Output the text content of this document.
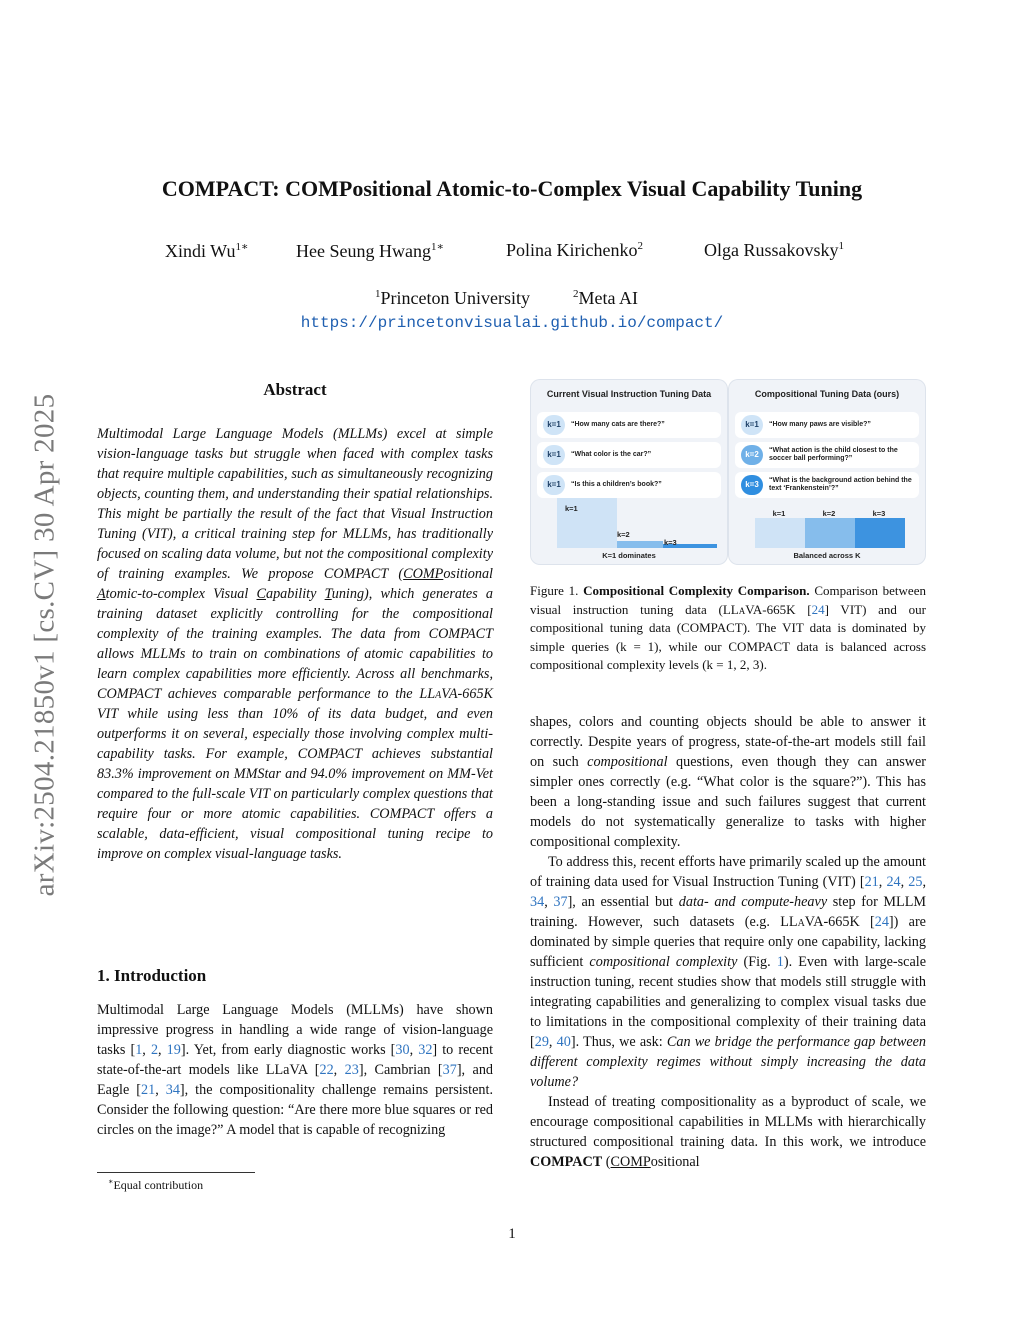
arXiv:2504.21850v1 [cs.CV] 30 Apr 2025
COMPACT: COMPositional Atomic-to-Complex Visual Capability Tuning
Xindi $Wu^{1∗}$	Hee Seung Hwang$^{1∗}$	Polina Kirichenko$^2$	Olga Russakovsky$^1$
$^1$Princeton University	$^2$Meta AI
https://princetonvisualai.github.io/compact/
Abstract
Multimodal Large Language Models (MLLMs) excel at simple vision-language tasks but struggle when faced with complex tasks that require multiple capabilities, such as simultaneously recognizing objects, counting them, and understanding their spatial relationships. This might be partially the result of the fact that Visual Instruction Tuning (VIT), a critical training step for MLLMs, has traditionally focused on scaling data volume, but not the compositional complexity of training examples. We propose COMPACT (COMPositional Atomic-to-complex Visual Capability Tuning), which generates a training dataset explicitly controlling for the compositional complexity of the training examples. The data from COMPACT allows MLLMs to train on combinations of atomic capabilities to learn complex capabilities more efficiently. Across all benchmarks, COMPACT achieves comparable performance to the LLaVA-665K VIT while using less than 10% of its data budget, and even outperforms it on several, especially those involving complex multi-capability tasks. For example, COMPACT achieves substantial 83.3% improvement on MMStar and 94.0% improvement on MM-Vet compared to the full-scale VIT on particularly complex questions that require four or more atomic capabilities. COMPACT offers a scalable, data-efficient, visual compositional tuning recipe to improve on complex visual-language tasks.
1. Introduction

Multimodal Large Language Models (MLLMs) have shown impressive progress in handling a wide range of vision-language tasks [1, 2, 19]. Yet, from early diagnostic works [30, 32] to recent state-of-the-art models like LLaVA [22, 23], Cambrian [37], and Eagle [21, 34], the compositionality challenge remains persistent. Consider the following question: “Are there more blue squares or red circles on the image?” A model that is capable of recognizing

∗Equal contribution
Current Visual Instruction Tuning Data
k=1	“How many cats are there?”
k=1	“What color is the car?”
k=1	“Is this a children’s book?”
k=1
k=2
k=3
K=1 dominates
Compositional Tuning Data (ours)
k=1	“How many paws are visible?”
k=2	“What action is the child closest to the soccer ball performing?”
k=3	“What is the background action behind the text ‘Frankenstein’?”
k=1	k=2	k=3
Balanced across K
Figure 1. Compositional Complexity Comparison. Comparison between visual instruction tuning data (LLaVA-665K [24] VIT) and our compositional tuning data (COMPACT). The VIT data is dominated by simple queries (k = 1), while our COMPACT data is balanced across compositional complexity levels (k = 1, 2, 3).

shapes, colors and counting objects should be able to answer it correctly. Despite years of progress, state-of-the-art models still fail on such compositional questions, even though they can answer simpler ones correctly (e.g. “What color is the square?”). This has been a long-standing issue and such failures suggest that current models do not systematically generalize to tasks with higher compositional complexity.

To address this, recent efforts have primarily scaled up the amount of training data used for Visual Instruction Tuning (VIT) [21, 24, 25, 34, 37], an essential but data- and compute-heavy step for MLLM training. However, such datasets (e.g. LLaVA-665K [24]) are dominated by simple queries that require only one capability, lacking sufficient compositional complexity (Fig. 1). Even with large-scale instruction tuning, recent studies show that models still struggle with integrating capabilities and generalizing to complex visual tasks due to limitations in the compositional complexity of their training data [29, 40]. Thus, we ask: Can we bridge the performance gap between different complexity regimes without simply increasing the data volume?

Instead of treating compositionality as a byproduct of scale, we encourage compositional capabilities in MLLMs with hierarchically structured compositional training data. In this work, we introduce COMPACT (COMPositional

1
